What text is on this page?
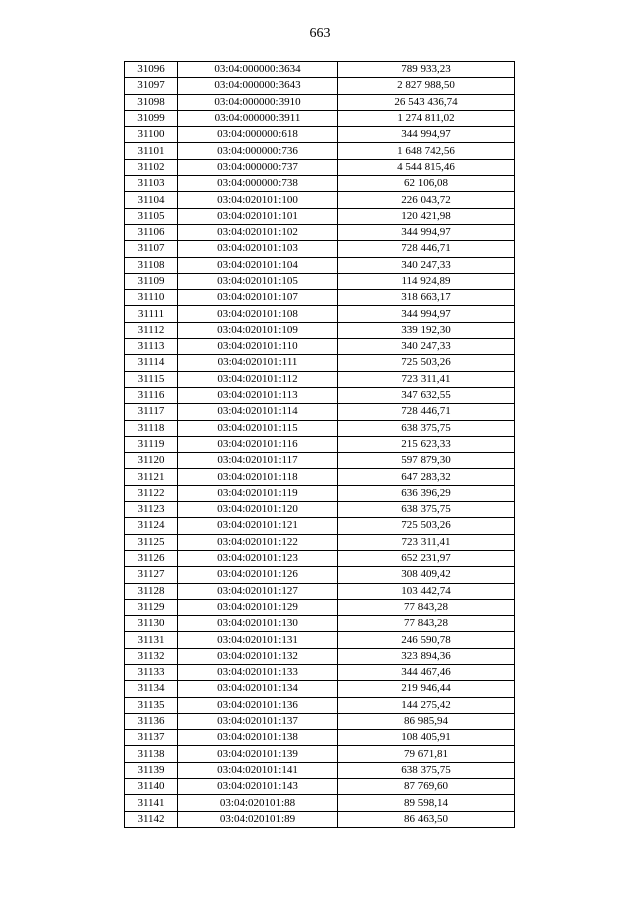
663
31096	03:04:000000:3634	789 933,23
31097	03:04:000000:3643	2 827 988,50
31098	03:04:000000:3910	26 543 436,74
31099	03:04:000000:3911	1 274 811,02
31100	03:04:000000:618	344 994,97
31101	03:04:000000:736	1 648 742,56
31102	03:04:000000:737	4 544 815,46
31103	03:04:000000:738	62 106,08
31104	03:04:020101:100	226 043,72
31105	03:04:020101:101	120 421,98
31106	03:04:020101:102	344 994,97
31107	03:04:020101:103	728 446,71
31108	03:04:020101:104	340 247,33
31109	03:04:020101:105	114 924,89
31110	03:04:020101:107	318 663,17
31111	03:04:020101:108	344 994,97
31112	03:04:020101:109	339 192,30
31113	03:04:020101:110	340 247,33
31114	03:04:020101:111	725 503,26
31115	03:04:020101:112	723 311,41
31116	03:04:020101:113	347 632,55
31117	03:04:020101:114	728 446,71
31118	03:04:020101:115	638 375,75
31119	03:04:020101:116	215 623,33
31120	03:04:020101:117	597 879,30
31121	03:04:020101:118	647 283,32
31122	03:04:020101:119	636 396,29
31123	03:04:020101:120	638 375,75
31124	03:04:020101:121	725 503,26
31125	03:04:020101:122	723 311,41
31126	03:04:020101:123	652 231,97
31127	03:04:020101:126	308 409,42
31128	03:04:020101:127	103 442,74
31129	03:04:020101:129	77 843,28
31130	03:04:020101:130	77 843,28
31131	03:04:020101:131	246 590,78
31132	03:04:020101:132	323 894,36
31133	03:04:020101:133	344 467,46
31134	03:04:020101:134	219 946,44
31135	03:04:020101:136	144 275,42
31136	03:04:020101:137	86 985,94
31137	03:04:020101:138	108 405,91
31138	03:04:020101:139	79 671,81
31139	03:04:020101:141	638 375,75
31140	03:04:020101:143	87 769,60
31141	03:04:020101:88	89 598,14
31142	03:04:020101:89	86 463,50
